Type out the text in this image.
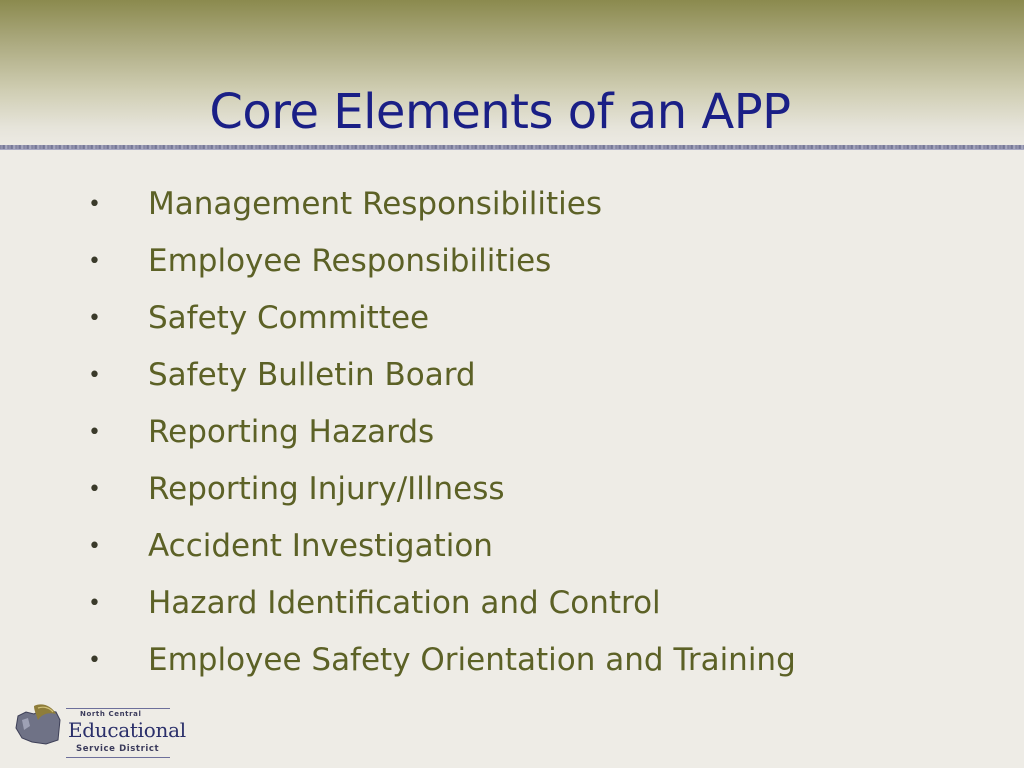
Core Elements of an APP
•	Management Responsibilities
•	Employee Responsibilities
•	Safety Committee
•	Safety Bulletin Board
•	Reporting Hazards
•	Reporting Injury/Illness
•	Accident Investigation
•	Hazard Identification and Control
•	Employee Safety Orientation and Training
North Central
Educational
Service District
